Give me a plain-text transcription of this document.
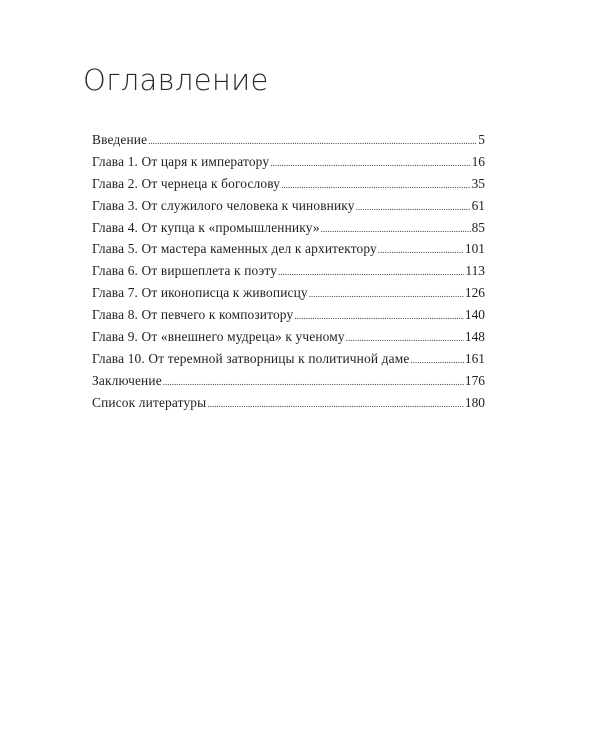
Оглавление
Введение .....	5
Глава 1. От царя к императору .....	16
Глава 2. От чернеца к богослову .....	35
Глава 3. От служилого человека к чиновнику .....	61
Глава 4. От купца к «промышленнику» .....	85
Глава 5. От мастера каменных дел к архитектору .....	101
Глава 6. От виршеплета к поэту .....	113
Глава 7. От иконописца к живописцу .....	126
Глава 8. От певчего к композитору .....	140
Глава 9. От «внешнего мудреца» к ученому .....	148
Глава 10. От теремной затворницы к политичной даме .....	161
Заключение .....	176
Список литературы .....	180
